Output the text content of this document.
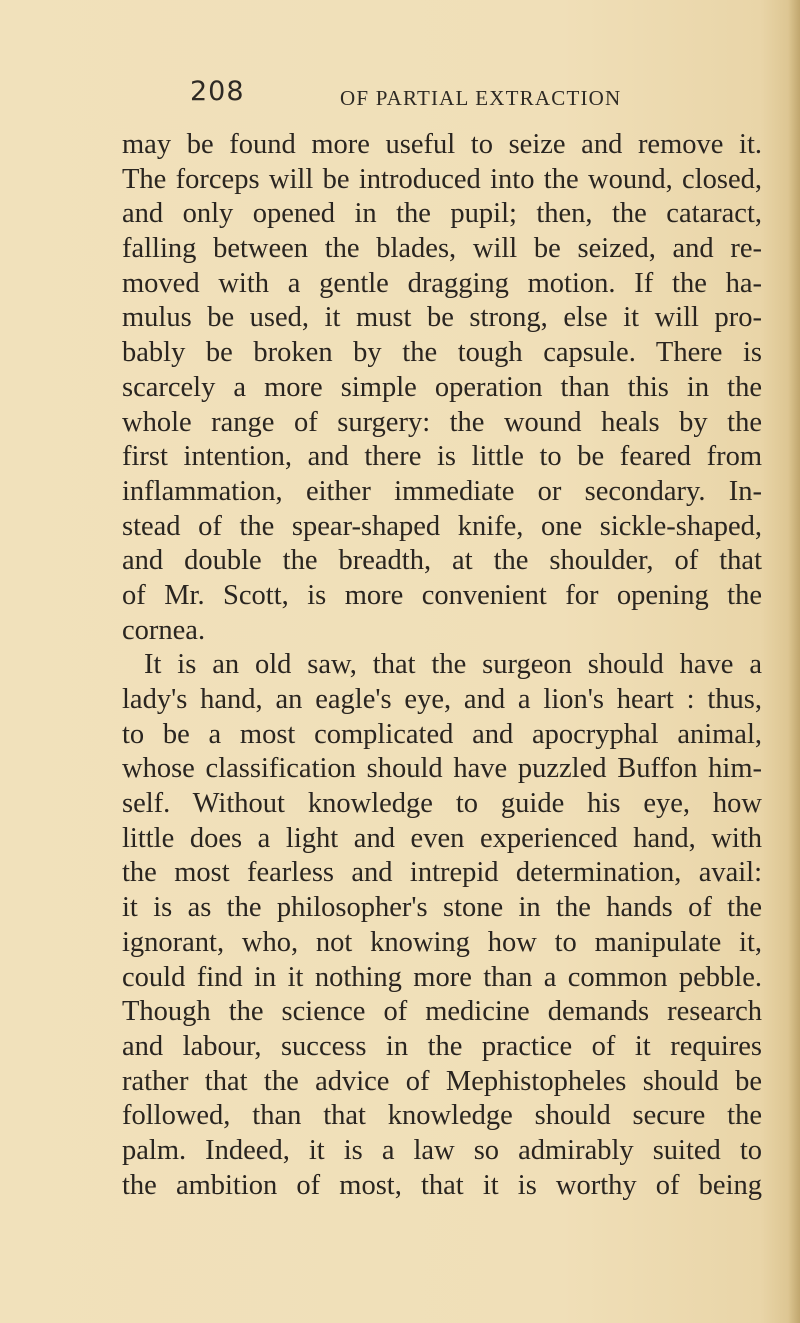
208	OF PARTIAL EXTRACTION
may be found more useful to seize and remove it.
The forceps will be introduced into the wound, closed,
and only opened in the pupil; then, the cataract,
falling between the blades, will be seized, and re-
moved with a gentle dragging motion. If the ha-
mulus be used, it must be strong, else it will pro-
bably be broken by the tough capsule. There is
scarcely a more simple operation than this in the
whole range of surgery: the wound heals by the
first intention, and there is little to be feared from
inflammation, either immediate or secondary. In-
stead of the spear-shaped knife, one sickle-shaped,
and double the breadth, at the shoulder, of that
of Mr. Scott, is more convenient for opening the
cornea.
It is an old saw, that the surgeon should have a
lady's hand, an eagle's eye, and a lion's heart : thus,
to be a most complicated and apocryphal animal,
whose classification should have puzzled Buffon him-
self. Without knowledge to guide his eye, how
little does a light and even experienced hand, with
the most fearless and intrepid determination, avail:
it is as the philosopher's stone in the hands of the
ignorant, who, not knowing how to manipulate it,
could find in it nothing more than a common pebble.
Though the science of medicine demands research
and labour, success in the practice of it requires
rather that the advice of Mephistopheles should be
followed, than that knowledge should secure the
palm. Indeed, it is a law so admirably suited to
the ambition of most, that it is worthy of being
